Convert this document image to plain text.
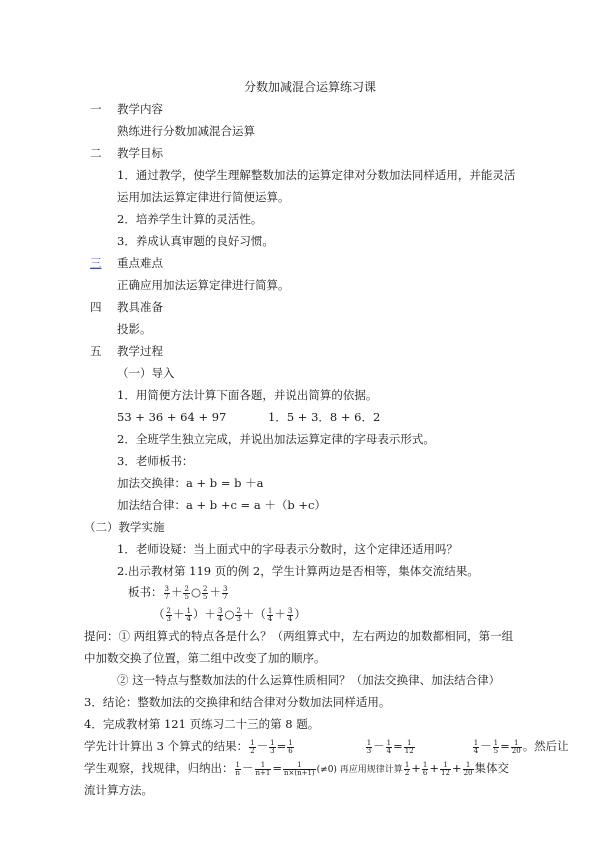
分数加减混合运算练习课
一 教学内容
熟练进行分数加减混合运算
二 教学目标
1．通过教学，使学生理解整数加法的运算定律对分数加法同样适用，并能灵活
运用加法运算定律进行简便运算。
2．培养学生计算的灵活性。
3．养成认真审题的良好习惯。
三 重点难点
正确应用加法运算定律进行简算。
四 教具准备
投影。
五 教学过程
（一）导入
1．用简便方法计算下面各题，并说出简算的依据。
53 + 36 + 64 + 97	1．5 + 3．8 + 6．2
2．全班学生独立完成，并说出加法运算定律的字母表示形式。
3．老师板书：
加法交换律：a + b = b ＋a
加法结合律：a + b +c = a ＋（b +c）
（二）教学实施
1．老师设疑：当上面式中的字母表示分数时，这个定律还适用吗？
2.出示教材第 119 页的例 2，学生计算两边是否相等，集体交流结果。
板书： $\frac{3}{7} + \frac{2}{5}$ ○ $\frac{2}{5} + \frac{3}{7}$
（ $\frac{2}{3} + \frac{1}{4}$ ）＋ $\frac{3}{4}$ ○ $\frac{2}{3}$ ＋（ $\frac{1}{4} + \frac{3}{4}$ ）
提问：① 两组算式的特点各是什么？（两组算式中，左右两边的加数都相同，第一组
中加数交换了位置，第二组中改变了加的顺序。
② 这一特点与整数加法的什么运算性质相同？（加法交换律、加法结合律）
3．结论：整数加法的交换律和结合律对分数加法同样适用。
4．完成教材第 121 页练习二十三的第 8 题。
学先计计算出 3 个算式的结果： $\frac{1}{2} - \frac{1}{3} = \frac{1}{6}$	$\frac{1}{3} - \frac{1}{4} = \frac{1}{12}$	$\frac{1}{4} - \frac{1}{5} = \frac{1}{20}$ 。然后让
学生观察，找规律，归纳出： $\frac{1}{n} - \frac{1}{n+1} = \frac{1}{n\times(n+1)} (\ne 0)$ 再应用规律计算 $\frac{1}{2} + \frac{1}{6} + \frac{1}{12} + \frac{1}{20}$ 集体交
流计算方法。
